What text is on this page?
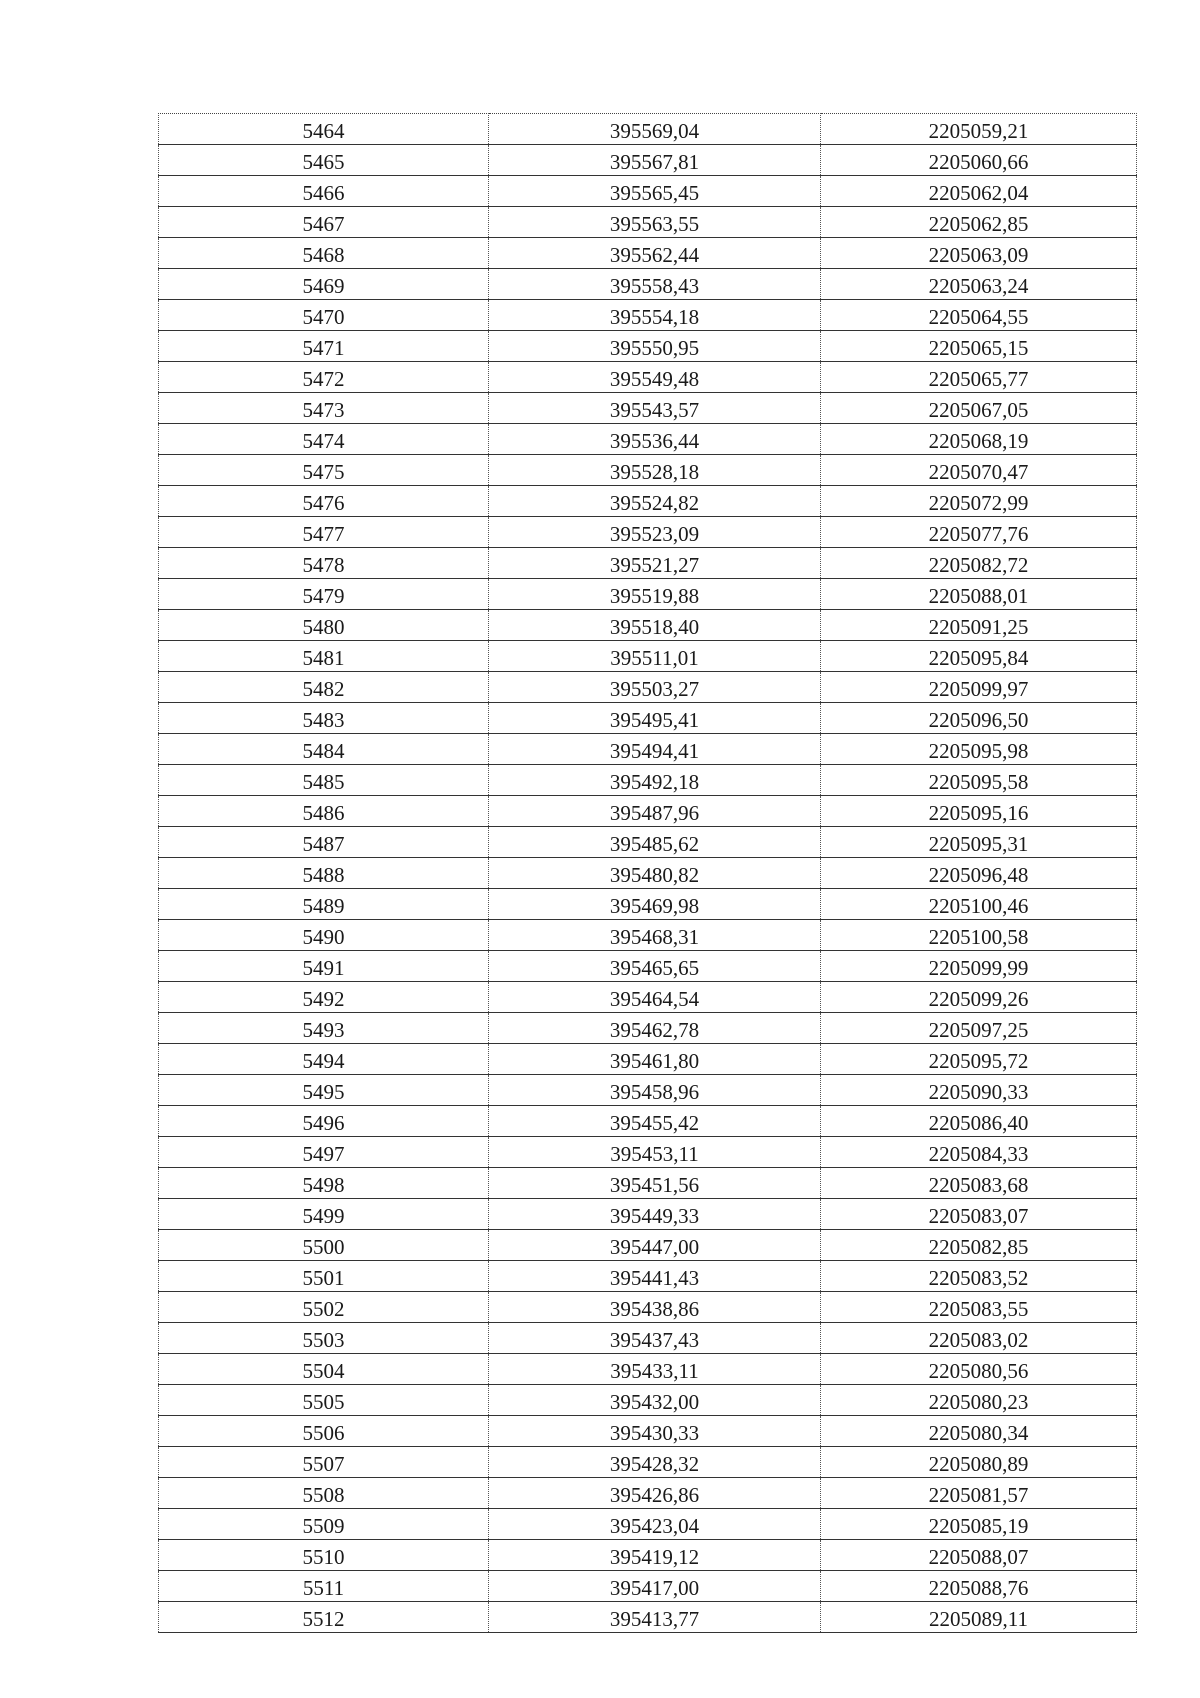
5464	395569,04	2205059,21
5465	395567,81	2205060,66
5466	395565,45	2205062,04
5467	395563,55	2205062,85
5468	395562,44	2205063,09
5469	395558,43	2205063,24
5470	395554,18	2205064,55
5471	395550,95	2205065,15
5472	395549,48	2205065,77
5473	395543,57	2205067,05
5474	395536,44	2205068,19
5475	395528,18	2205070,47
5476	395524,82	2205072,99
5477	395523,09	2205077,76
5478	395521,27	2205082,72
5479	395519,88	2205088,01
5480	395518,40	2205091,25
5481	395511,01	2205095,84
5482	395503,27	2205099,97
5483	395495,41	2205096,50
5484	395494,41	2205095,98
5485	395492,18	2205095,58
5486	395487,96	2205095,16
5487	395485,62	2205095,31
5488	395480,82	2205096,48
5489	395469,98	2205100,46
5490	395468,31	2205100,58
5491	395465,65	2205099,99
5492	395464,54	2205099,26
5493	395462,78	2205097,25
5494	395461,80	2205095,72
5495	395458,96	2205090,33
5496	395455,42	2205086,40
5497	395453,11	2205084,33
5498	395451,56	2205083,68
5499	395449,33	2205083,07
5500	395447,00	2205082,85
5501	395441,43	2205083,52
5502	395438,86	2205083,55
5503	395437,43	2205083,02
5504	395433,11	2205080,56
5505	395432,00	2205080,23
5506	395430,33	2205080,34
5507	395428,32	2205080,89
5508	395426,86	2205081,57
5509	395423,04	2205085,19
5510	395419,12	2205088,07
5511	395417,00	2205088,76
5512	395413,77	2205089,11
